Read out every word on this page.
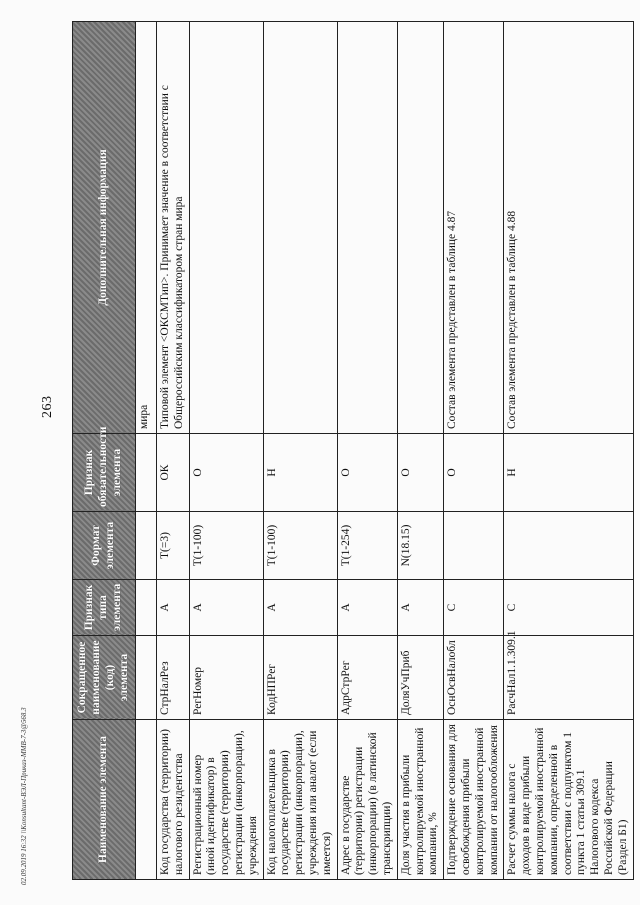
263
Наименование элемента	Сокращенное наименование (код) элемента	Признак типа элемента	Формат элемента	Признак обязательности элемента	Дополнительная информация
					мира
Код государства (территории) налогового резидентства	СтрНалРез	А	Т(=3)	ОК	Типовой элемент <ОКСМТип>. Принимает значение в соответствии с Общероссийским классификатором стран мира
Регистрационный номер (иной идентификатор) в государстве (территории) регистрации (инкорпорации), учреждения	РегНомер	А	Т(1-100)	О	
Код налогоплательщика в государстве (территории) регистрации (инкорпорации), учреждения или аналог (если имеется)	КодНПРег	А	Т(1-100)	Н	
Адрес в государстве (территории) регистрации (инкорпорации) (в латинской транскрипции)	АдрСтрРег	А	Т(1-254)	О	
Доля участия в прибыли контролируемой иностранной компании, %	ДоляУчПриб	А	N(18.15)	О	
Подтверждение основания для освобождения прибыли контролируемой иностранной компании от налогообложения	ОснОсвНалобл	С		О	Состав элемента представлен в таблице 4.87
Расчет суммы налога с доходов в виде прибыли контролируемой иностранной компании, определенной в соответствии с подпунктом 1 пункта 1 статьи 309.1 Налогового кодекса Российской Федерации (Раздел Б1)	РасчНал1.1.309.1	С		Н	Состав элемента представлен в таблице 4.88
02.09.2019 16:32 \\Konsultant-ВЭЛ-Приказ-ММВ-7-3@568.3
